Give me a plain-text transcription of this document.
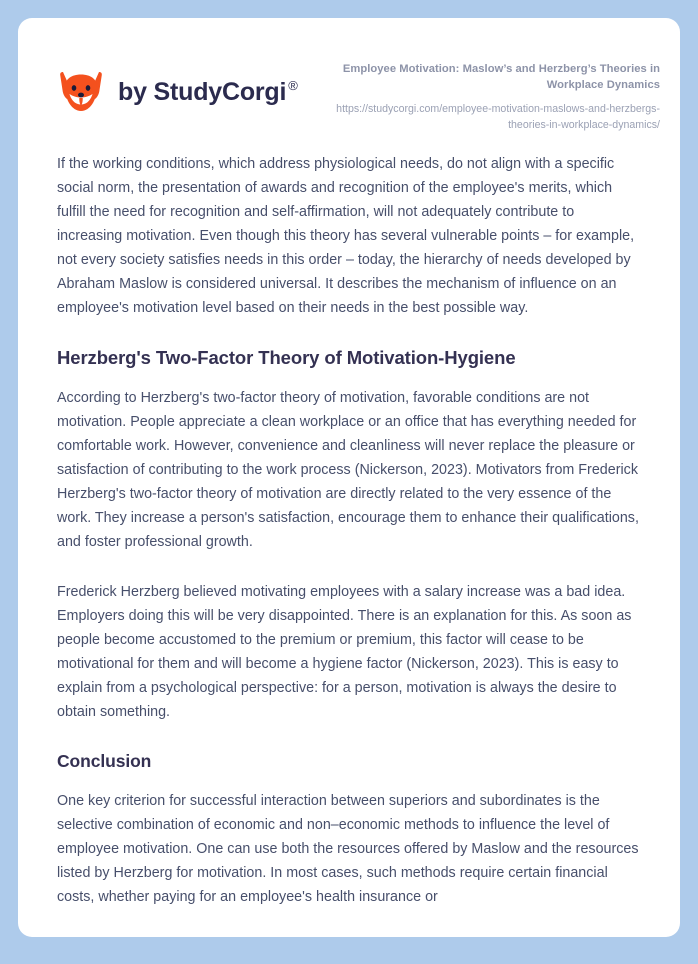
by StudyCorgi ®

Employee Motivation: Maslow’s and Herzberg’s Theories in Workplace Dynamics

https://studycorgi.com/employee-motivation-maslows-and-herzbergs-theories-in-workplace-dynamics/

If the working conditions, which address physiological needs, do not align with a specific social norm, the presentation of awards and recognition of the employee's merits, which fulfill the need for recognition and self-affirmation, will not adequately contribute to increasing motivation. Even though this theory has several vulnerable points – for example, not every society satisfies needs in this order – today, the hierarchy of needs developed by Abraham Maslow is considered universal. It describes the mechanism of influence on an employee's motivation level based on their needs in the best possible way.

Herzberg's Two-Factor Theory of Motivation-Hygiene

According to Herzberg's two-factor theory of motivation, favorable conditions are not motivation. People appreciate a clean workplace or an office that has everything needed for comfortable work. However, convenience and cleanliness will never replace the pleasure or satisfaction of contributing to the work process (Nickerson, 2023). Motivators from Frederick Herzberg's two-factor theory of motivation are directly related to the very essence of the work. They increase a person's satisfaction, encourage them to enhance their qualifications, and foster professional growth.

Frederick Herzberg believed motivating employees with a salary increase was a bad idea. Employers doing this will be very disappointed. There is an explanation for this. As soon as people become accustomed to the premium or premium, this factor will cease to be motivational for them and will become a hygiene factor (Nickerson, 2023). This is easy to explain from a psychological perspective: for a person, motivation is always the desire to obtain something.

Conclusion

One key criterion for successful interaction between superiors and subordinates is the selective combination of economic and non–economic methods to influence the level of employee motivation. One can use both the resources offered by Maslow and the resources listed by Herzberg for motivation. In most cases, such methods require certain financial costs, whether paying for an employee's health insurance or
